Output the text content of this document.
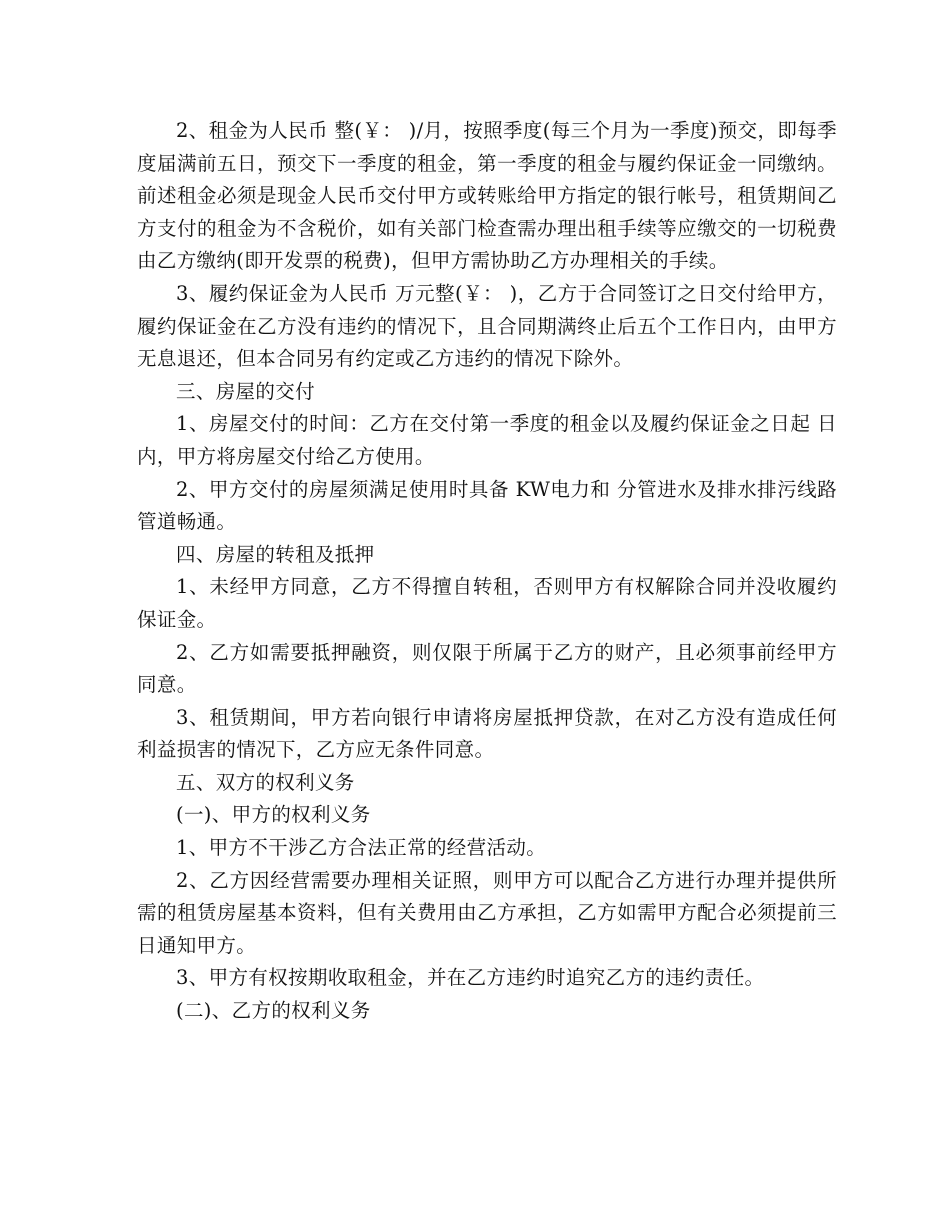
2、租金为人民币 整(￥： )/月，按照季度(每三个月为一季度)预交，即每季度届满前五日，预交下一季度的租金，第一季度的租金与履约保证金一同缴纳。前述租金必须是现金人民币交付甲方或转账给甲方指定的银行帐号，租赁期间乙方支付的租金为不含税价，如有关部门检查需办理出租手续等应缴交的一切税费由乙方缴纳(即开发票的税费)，但甲方需协助乙方办理相关的手续。

3、履约保证金为人民币 万元整(￥： )，乙方于合同签订之日交付给甲方，履约保证金在乙方没有违约的情况下，且合同期满终止后五个工作日内，由甲方无息退还，但本合同另有约定或乙方违约的情况下除外。

三、房屋的交付

1、房屋交付的时间：乙方在交付第一季度的租金以及履约保证金之日起 日内，甲方将房屋交付给乙方使用。

2、甲方交付的房屋须满足使用时具备 KW电力和 分管进水及排水排污线路管道畅通。

四、房屋的转租及抵押

1、未经甲方同意，乙方不得擅自转租，否则甲方有权解除合同并没收履约保证金。

2、乙方如需要抵押融资，则仅限于所属于乙方的财产，且必须事前经甲方同意。

3、租赁期间，甲方若向银行申请将房屋抵押贷款，在对乙方没有造成任何利益损害的情况下，乙方应无条件同意。

五、双方的权利义务

(一)、甲方的权利义务

1、甲方不干涉乙方合法正常的经营活动。

2、乙方因经营需要办理相关证照，则甲方可以配合乙方进行办理并提供所需的租赁房屋基本资料，但有关费用由乙方承担，乙方如需甲方配合必须提前三日通知甲方。

3、甲方有权按期收取租金，并在乙方违约时追究乙方的违约责任。

(二)、乙方的权利义务
